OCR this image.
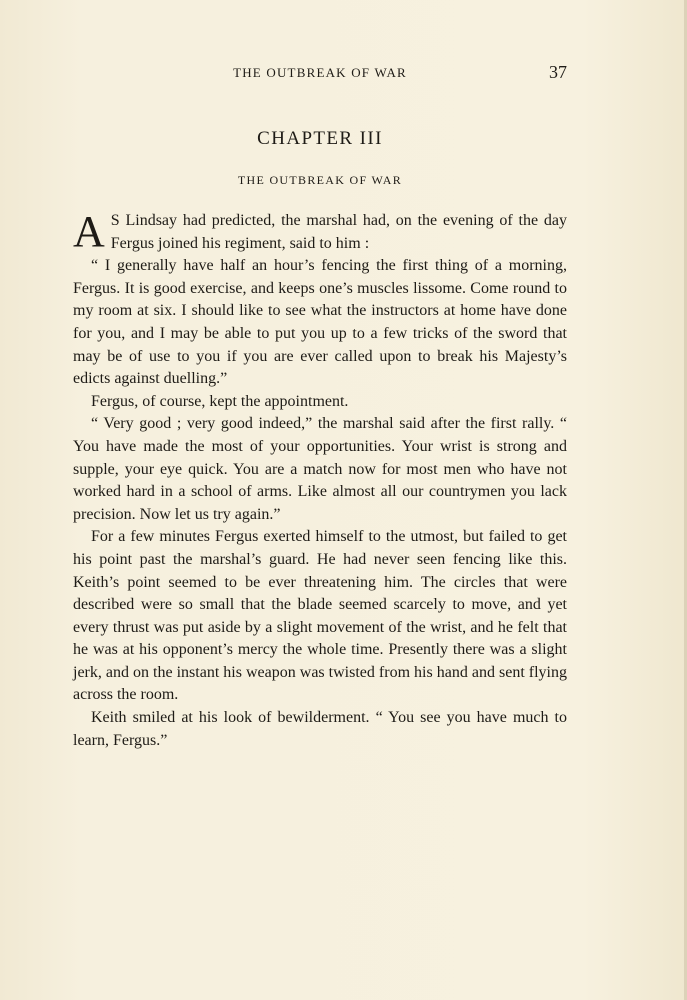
THE OUTBREAK OF WAR	37
CHAPTER III
THE OUTBREAK OF WAR

A S Lindsay had predicted, the marshal had, on the evening of the day Fergus joined his regiment, said to him :

“ I generally have half an hour’s fencing the first thing of a morning, Fergus. It is good exercise, and keeps one’s muscles lissome. Come round to my room at six. I should like to see what the instructors at home have done for you, and I may be able to put you up to a few tricks of the sword that may be of use to you if you are ever called upon to break his Majesty’s edicts against duelling.”

Fergus, of course, kept the appointment.

“ Very good ; very good indeed,” the marshal said after the first rally. “ You have made the most of your opportunities. Your wrist is strong and supple, your eye quick. You are a match now for most men who have not worked hard in a school of arms. Like almost all our countrymen you lack precision. Now let us try again.”

For a few minutes Fergus exerted himself to the utmost, but failed to get his point past the marshal’s guard. He had never seen fencing like this. Keith’s point seemed to be ever threatening him. The circles that were described were so small that the blade seemed scarcely to move, and yet every thrust was put aside by a slight movement of the wrist, and he felt that he was at his opponent’s mercy the whole time. Presently there was a slight jerk, and on the instant his weapon was twisted from his hand and sent flying across the room.

Keith smiled at his look of bewilderment. “ You see you have much to learn, Fergus.”
